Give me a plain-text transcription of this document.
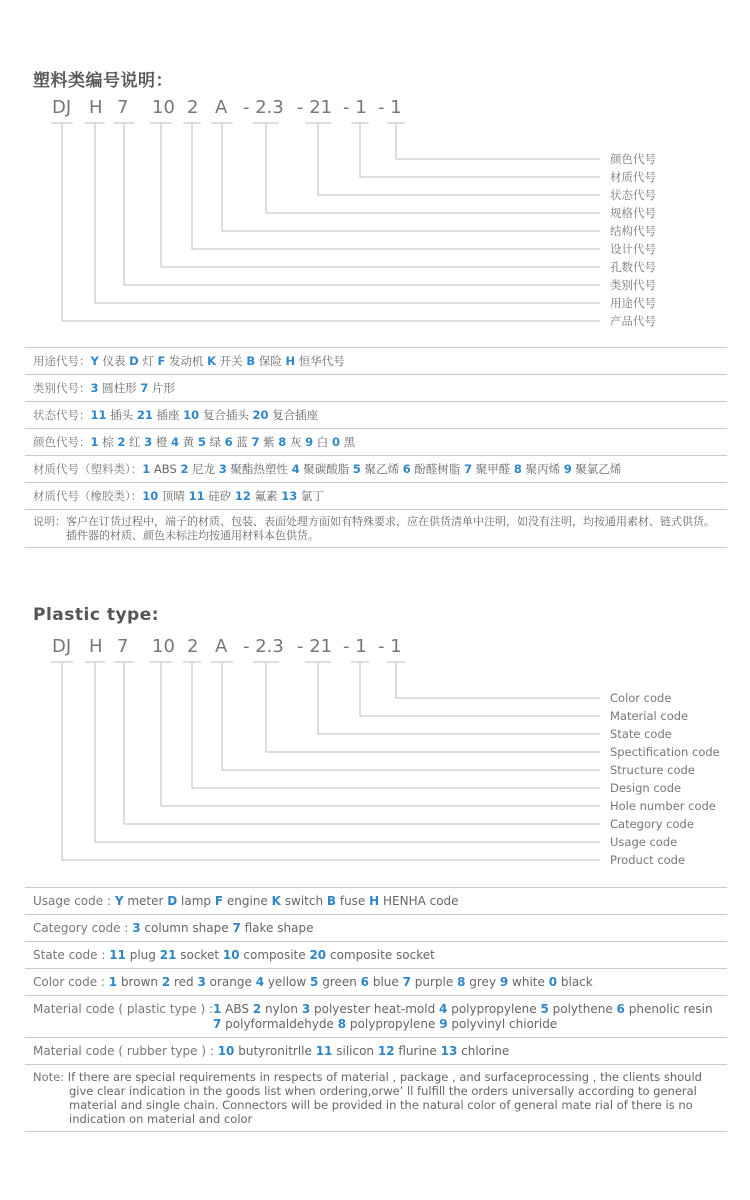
塑料类编号说明：
DJ H 7 10 2 A - 2.3 - 21 - 1 - 1
颜色代号
材质代号
状态代号
规格代号
结构代号
设计代号
孔数代号
类别代号
用途代号
产品代号
用途代号：Y 仪表 D 灯 F 发动机 K 开关 B 保险 H 恒华代号
类别代号：3 圆柱形 7 片形
状态代号：11 插头 21 插座 10 复合插头 20 复合插座
颜色代号：1 棕 2 红 3 橙 4 黄 5 绿 6 蓝 7 紫 8 灰 9 白 0 黑
材质代号（塑料类）：1 ABS 2 尼龙 3 聚酯热塑性 4 聚碳酸脂 5 聚乙烯 6 酚醛树脂 7 聚甲醛 8 聚丙烯 9 聚氯乙烯
材质代号（橡胶类）：10 顶晴 11 硅矽 12 氟素 13 氯丁
说明： 客户在订货过程中，端子的材质、包装、表面处理方面如有特殊要求，应在供货清单中注明，如没有注明，均按通用素材、链式供货。插件器的材质、颜色未标注均按通用材料本色供货。
Plastic type:
DJ H 7 10 2 A - 2.3 - 21 - 1 - 1
Color code
Material code
State code
Spectification code
Structure code
Design code
Hole number code
Category code
Usage code
Product code
Usage code : Y meter D lamp F engine K switch B fuse H HENHA code
Category code : 3 column shape 7 flake shape
State code : 11 plug 21 socket 10 composite 20 composite socket
Color code : 1 brown 2 red 3 orange 4 yellow 5 green 6 blue 7 purple 8 grey 9 white 0 black
Material code ( plastic type ) : 1 ABS 2 nylon 3 polyester heat-mold 4 polypropylene 5 polythene 6 phenolic resin
7 polyformaldehyde 8 polypropylene 9 polyvinyl chioride
Material code ( rubber type ) : 10 butyronitrlle 11 silicon 12 flurine 13 chlorine
Note: If there are special requirements in respects of material , package , and surfaceprocessing , the clients should give clear indication in the goods list when ordering,orwe’ ll fulfill the orders universally according to general material and single chain. Connectors will be provided in the natural color of general mate rial of there is no indication on material and color
